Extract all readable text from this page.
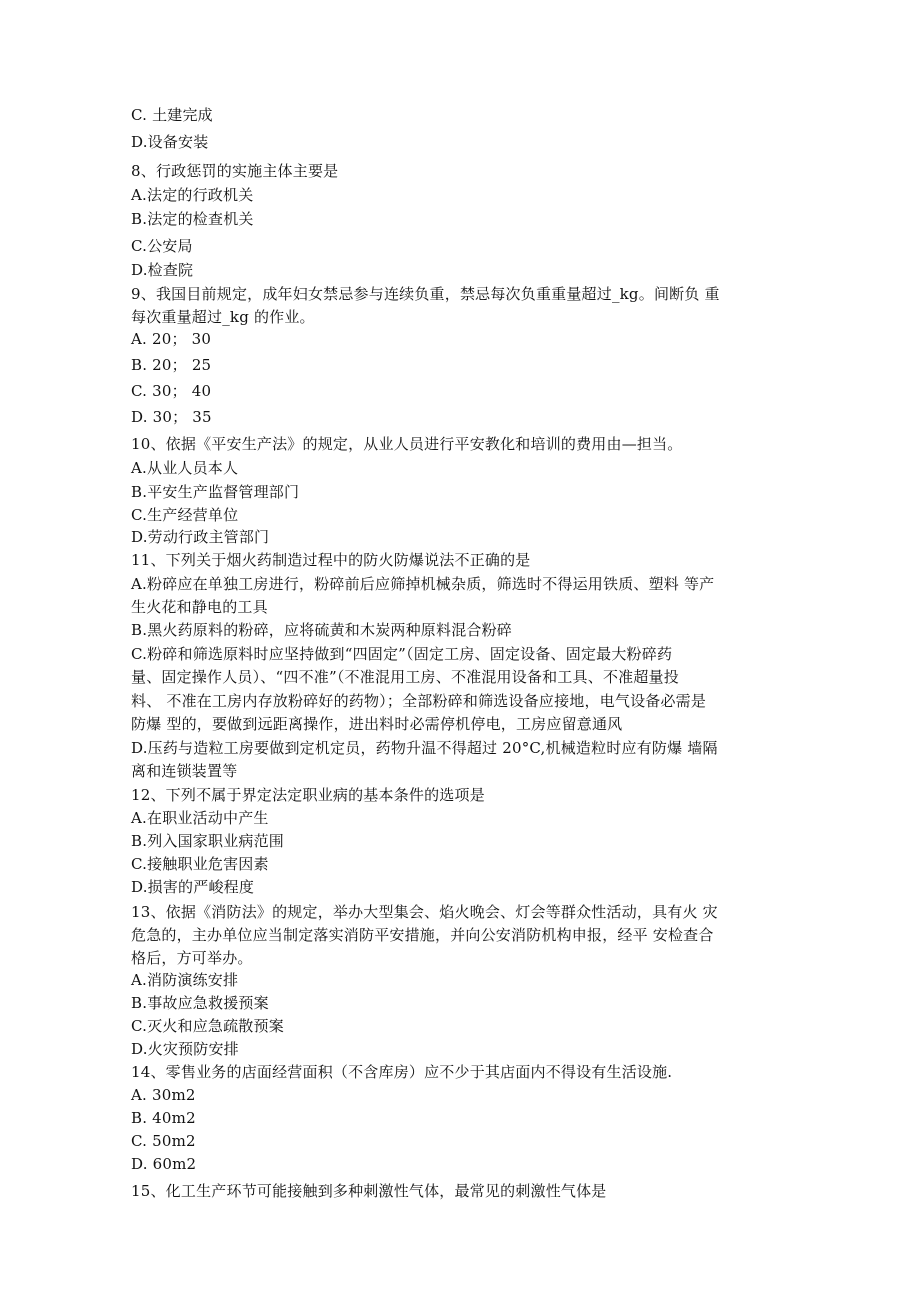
C. 土建完成
D.设备安装
8、行政惩罚的实施主体主要是
A.法定的行政机关
B.法定的检查机关
C.公安局
D.检查院
9、我国目前规定，成年妇女禁忌参与连续负重，禁忌每次负重重量超过_kg。间断负 重
每次重量超过_kg 的作业。
A. 20； 30
B. 20； 25
C. 30； 40
D. 30； 35
10、依据《平安生产法》的规定，从业人员进行平安教化和培训的费用由—担当。
A.从业人员本人
B.平安生产监督管理部门
C.生产经营单位
D.劳动行政主管部门
11、下列关于烟火药制造过程中的防火防爆说法不正确的是
A.粉碎应在单独工房进行，粉碎前后应筛掉机械杂质，筛选时不得运用铁质、塑料 等产
生火花和静电的工具
B.黑火药原料的粉碎，应将硫黄和木炭两种原料混合粉碎
C.粉碎和筛选原料时应坚持做到“四固定”（固定工房、固定设备、固定最大粉碎药
量、固定操作人员）、“四不准”（不准混用工房、不准混用设备和工具、不准超量投
料、 不准在工房内存放粉碎好的药物）；全部粉碎和筛选设备应接地，电气设备必需是
防爆 型的，要做到远距离操作，进出料时必需停机停电，工房应留意通风
D.压药与造粒工房要做到定机定员，药物升温不得超过 20°C,机械造粒时应有防爆 墙隔
离和连锁装置等
12、下列不属于界定法定职业病的基本条件的选项是
A.在职业活动中产生
B.列入国家职业病范围
C.接触职业危害因素
D.损害的严峻程度
13、依据《消防法》的规定，举办大型集会、焰火晚会、灯会等群众性活动，具有火 灾
危急的，主办单位应当制定落实消防平安措施，并向公安消防机构申报，经平 安检查合
格后，方可举办。
A.消防演练安排
B.事故应急救援预案
C.灭火和应急疏散预案
D.火灾预防安排
14、零售业务的店面经营面积（不含库房）应不少于其店面内不得设有生活设施.
A. 30m2
B. 40m2
C. 50m2
D. 60m2
15、化工生产环节可能接触到多种刺激性气体，最常见的刺激性气体是
